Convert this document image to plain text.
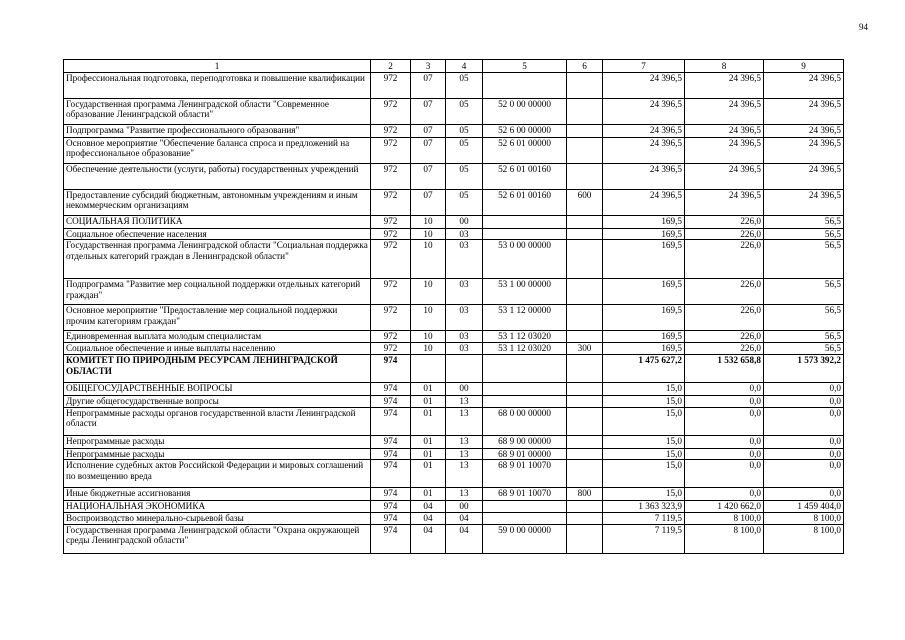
94
1	2	3	4	5	6	7	8	9
Профессиональная подготовка, переподготовка и повышение квалификации	972	07	05			24 396,5	24 396,5	24 396,5
Государственная программа Ленинградской области "Современное образование Ленинградской области"	972	07	05	52 0 00 00000		24 396,5	24 396,5	24 396,5
Подпрограмма "Развитие профессионального образования"	972	07	05	52 6 00 00000		24 396,5	24 396,5	24 396,5
Основное мероприятие "Обеспечение баланса спроса и предложений на профессиональное образование"	972	07	05	52 6 01 00000		24 396,5	24 396,5	24 396,5
Обеспечение деятельности (услуги, работы) государственных учреждений	972	07	05	52 6 01 00160		24 396,5	24 396,5	24 396,5
Предоставление субсидий бюджетным, автономным учреждениям и иным некоммерческим организациям	972	07	05	52 6 01 00160	600	24 396,5	24 396,5	24 396,5
СОЦИАЛЬНАЯ ПОЛИТИКА	972	10	00			169,5	226,0	56,5
Социальное обеспечение населения	972	10	03			169,5	226,0	56,5
Государственная программа Ленинградской области "Социальная поддержка отдельных категорий граждан в Ленинградской области"	972	10	03	53 0 00 00000		169,5	226,0	56,5
Подпрограмма "Развитие мер социальной поддержки отдельных категорий граждан"	972	10	03	53 1 00 00000		169,5	226,0	56,5
Основное мероприятие "Предоставление мер социальной поддержки прочим категориям граждан"	972	10	03	53 1 12 00000		169,5	226,0	56,5
Единовременная выплата молодым специалистам	972	10	03	53 1 12 03020		169,5	226,0	56,5
Социальное обеспечение и иные выплаты населению	972	10	03	53 1 12 03020	300	169,5	226,0	56,5
КОМИТЕТ ПО ПРИРОДНЫМ РЕСУРСАМ ЛЕНИНГРАДСКОЙ ОБЛАСТИ	974					1 475 627,2	1 532 658,8	1 573 392,2
ОБЩЕГОСУДАРСТВЕННЫЕ ВОПРОСЫ	974	01	00			15,0	0,0	0,0
Другие общегосударственные вопросы	974	01	13			15,0	0,0	0,0
Непрограммные расходы органов государственной власти Ленинградской области	974	01	13	68 0 00 00000		15,0	0,0	0,0
Непрограммные расходы	974	01	13	68 9 00 00000		15,0	0,0	0,0
Непрограммные расходы	974	01	13	68 9 01 00000		15,0	0,0	0,0
Исполнение судебных актов Российской Федерации и мировых соглашений по возмещению вреда	974	01	13	68 9 01 10070		15,0	0,0	0,0
Иные бюджетные ассигнования	974	01	13	68 9 01 10070	800	15,0	0,0	0,0
НАЦИОНАЛЬНАЯ ЭКОНОМИКА	974	04	00			1 363 323,9	1 420 662,0	1 459 404,0
Воспроизводство минерально-сырьевой базы	974	04	04			7 119,5	8 100,0	8 100,0
Государственная программа Ленинградской области "Охрана окружающей среды Ленинградской области"	974	04	04	59 0 00 00000		7 119,5	8 100,0	8 100,0
